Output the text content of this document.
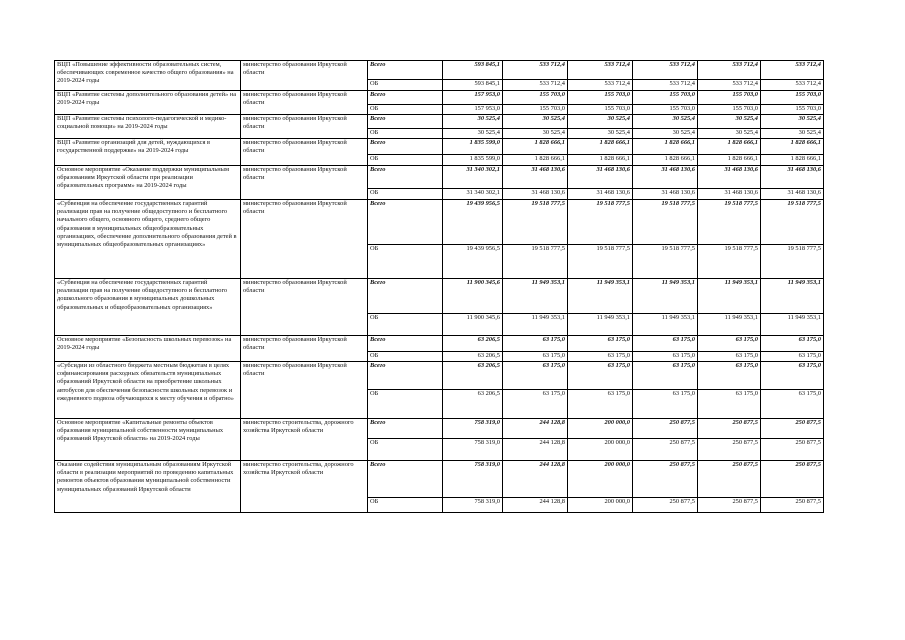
ВЦП «Повышение эффективности образовательных систем, обеспечивающих современное качество общего образования» на 2019-2024 годы	министерство образования Иркутской области	Всего	593 845,1	533 712,4	533 712,4	533 712,4	533 712,4	533 712,4
		ОБ	593 845,1	533 712,4	533 712,4	533 712,4	533 712,4	533 712,4
ВЦП «Развитие системы дополнительного образования детей» на 2019-2024 годы	министерство образования Иркутской области	Всего	157 953,0	155 703,0	155 703,0	155 703,0	155 703,0	155 703,0
		ОБ	157 953,0	155 703,0	155 703,0	155 703,0	155 703,0	155 703,0
ВЦП «Развитие системы психолого-педагогической и медико-социальной помощи» на 2019-2024 годы	министерство образования Иркутской области	Всего	30 525,4	30 525,4	30 525,4	30 525,4	30 525,4	30 525,4
		ОБ	30 525,4	30 525,4	30 525,4	30 525,4	30 525,4	30 525,4
ВЦП «Развитие организаций для детей, нуждающихся в государственной поддержке» на 2019-2024 годы	министерство образования Иркутской области	Всего	1 835 599,0	1 828 666,1	1 828 666,1	1 828 666,1	1 828 666,1	1 828 666,1
		ОБ	1 835 599,0	1 828 666,1	1 828 666,1	1 828 666,1	1 828 666,1	1 828 666,1
Основное мероприятие «Оказание поддержки муниципальным образованиям Иркутской области при реализации образовательных программ» на 2019-2024 годы	министерство образования Иркутской области	Всего	31 340 302,1	31 468 130,6	31 468 130,6	31 468 130,6	31 468 130,6	31 468 130,6
		ОБ	31 340 302,1	31 468 130,6	31 468 130,6	31 468 130,6	31 468 130,6	31 468 130,6
«Субвенция на обеспечение государственных гарантий реализации прав на получение общедоступного и бесплатного начального общего, основного общего, среднего общего образования в муниципальных общеобразовательных организациях, обеспечение дополнительного образования детей в муниципальных общеобразовательных организациях»	министерство образования Иркутской области	Всего	19 439 956,5	19 518 777,5	19 518 777,5	19 518 777,5	19 518 777,5	19 518 777,5
		ОБ	19 439 956,5	19 518 777,5	19 518 777,5	19 518 777,5	19 518 777,5	19 518 777,5
«Субвенция на обеспечение государственных гарантий реализации прав на получение общедоступного и бесплатного дошкольного образования в муниципальных дошкольных образовательных и общеобразовательных организациях»	министерство образования Иркутской области	Всего	11 900 345,6	11 949 353,1	11 949 353,1	11 949 353,1	11 949 353,1	11 949 353,1
		ОБ	11 900 345,6	11 949 353,1	11 949 353,1	11 949 353,1	11 949 353,1	11 949 353,1
Основное мероприятие «Безопасность школьных перевозок» на 2019-2024 годы	министерство образования Иркутской области	Всего	63 206,5	63 175,0	63 175,0	63 175,0	63 175,0	63 175,0
		ОБ	63 206,5	63 175,0	63 175,0	63 175,0	63 175,0	63 175,0
«Субсидии из областного бюджета местным бюджетам в целях софинансирования расходных обязательств муниципальных образований Иркутской области на приобретение школьных автобусов для обеспечения безопасности школьных перевозок и ежедневного подвоза обучающихся к месту обучения и обратно»	министерство образования Иркутской области	Всего	63 206,5	63 175,0	63 175,0	63 175,0	63 175,0	63 175,0
		ОБ	63 206,5	63 175,0	63 175,0	63 175,0	63 175,0	63 175,0
Основное мероприятие «Капитальные ремонты объектов образования муниципальной собственности муниципальных образований Иркутской области» на 2019-2024 годы	министерство строительства, дорожного хозяйства Иркутской области	Всего	758 319,0	244 128,8	200 000,0	250 877,5	250 877,5	250 877,5
		ОБ	758 319,0	244 128,8	200 000,0	250 877,5	250 877,5	250 877,5
Оказание содействия муниципальным образованиям Иркутской области в реализации мероприятий по проведению капитальных ремонтов объектов образования муниципальной собственности муниципальных образований Иркутской области	министерство строительства, дорожного хозяйства Иркутской области	Всего	758 319,0	244 128,8	200 000,0	250 877,5	250 877,5	250 877,5
		ОБ	758 319,0	244 128,8	200 000,0	250 877,5	250 877,5	250 877,5
